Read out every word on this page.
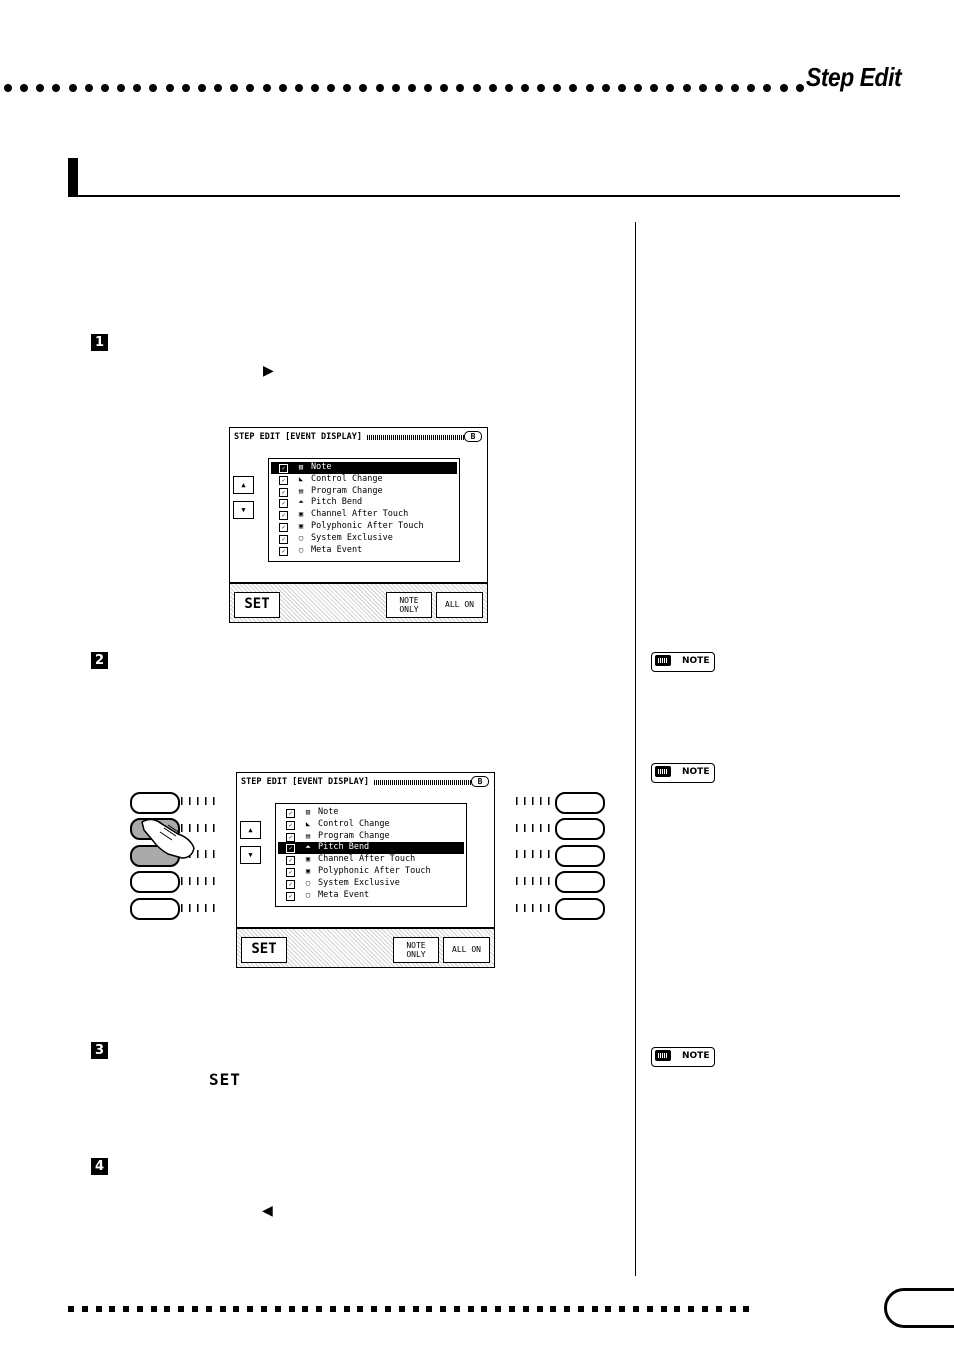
Step Edit
1
▶
2
3
SET
4
◀
STEP EDIT [EVENT DISPLAY]	B
▲
▼
✓	▥ Note
✓	◣ Control Change
✓	▤ Program Change
✓	⏶ Pitch Bend
✓	▣ Channel After Touch
✓	▣ Polyphonic After Touch
✓	▢ System Exclusive
✓	▢ Meta Event
SET	NOTE
ONLY
ALL ON
STEP EDIT [EVENT DISPLAY]	B
▲
▼
✓	▥ Note
✓	◣ Control Change
✓	▤ Program Change
✓	⏶ Pitch Bend
✓	▣ Channel After Touch
✓	▣ Polyphonic After Touch
✓	▢ System Exclusive
✓	▢ Meta Event
SET	NOTE
ONLY
ALL ON
NOTE
NOTE
NOTE
